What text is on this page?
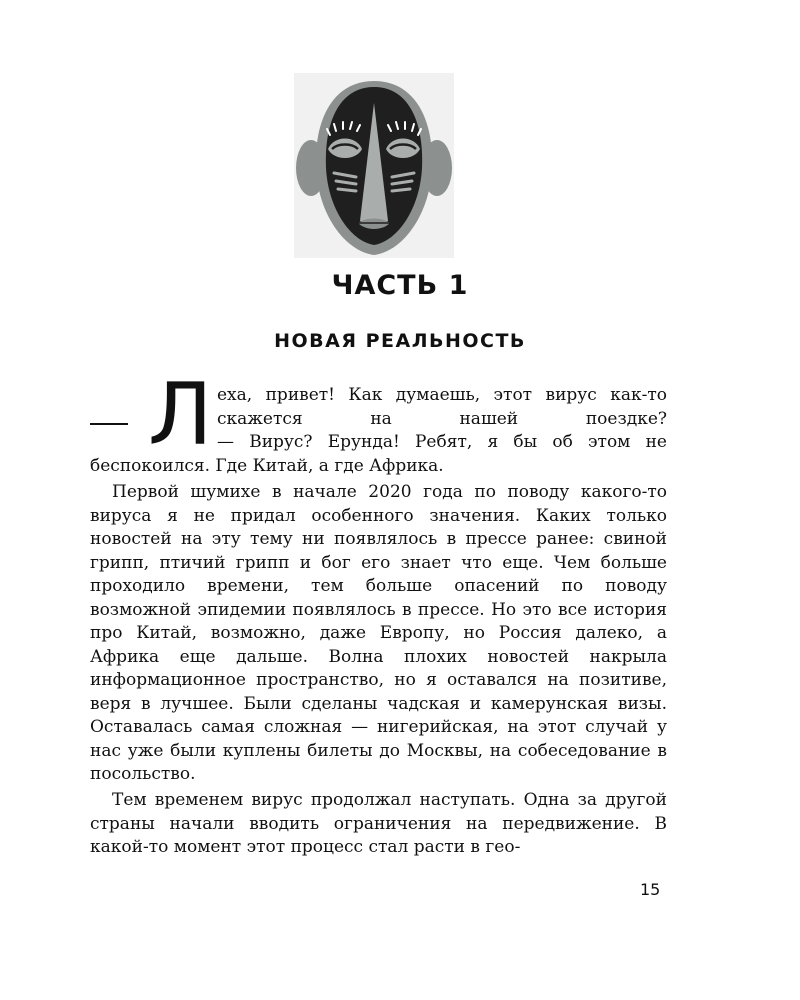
ЧАСТЬ 1
НОВАЯ РЕАЛЬНОСТЬ
Л еха, привет! Как думаешь, этот вирус как-то
скажется на нашей поездке?
— Вирус? Ерунда! Ребят, я бы об этом не

беспокоился. Где Китай, а где Африка.

Первой шумихе в начале 2020 года по поводу какого-то вируса я не придал особенного значения. Каких только новостей на эту тему ни появлялось в прессе ранее: свиной грипп, птичий грипп и бог его знает что еще. Чем больше проходило времени, тем больше опасений по поводу возможной эпидемии появлялось в прессе. Но это все история про Китай, возможно, даже Европу, но Россия далеко, а Африка еще дальше. Волна плохих новостей накрыла информационное пространство, но я оставался на позитиве, веря в лучшее. Были сделаны чадская и камерунская визы. Оставалась самая сложная — нигерийская, на этот случай у нас уже были куплены билеты до Москвы, на собеседование в посольство.

Тем временем вирус продолжал наступать. Одна за другой страны начали вводить ограничения на передвижение. В какой-то момент этот процесс стал расти в гео-

15
